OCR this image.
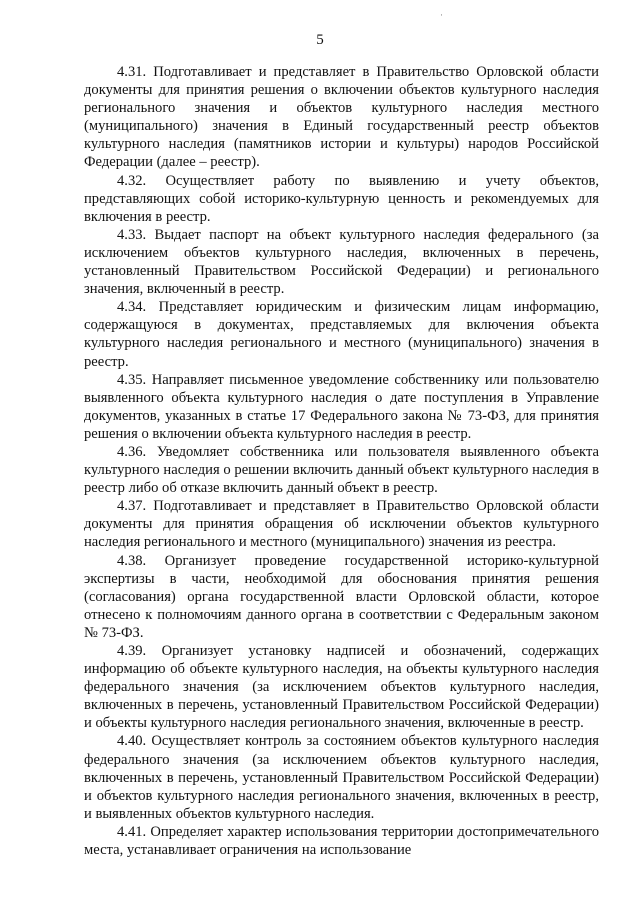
·
5

4.31. Подготавливает и представляет в Правительство Орловской области документы для принятия решения о включении объектов культурного наследия регионального значения и объектов культурного наследия местного (муниципального) значения в Единый государственный реестр объектов культурного наследия (памятников истории и культуры) народов Российской Федерации (далее – реестр).

4.32. Осуществляет работу по выявлению и учету объектов, представляющих собой историко-культурную ценность и рекомендуемых для включения в реестр.

4.33. Выдает паспорт на объект культурного наследия федерального (за исключением объектов культурного наследия, включенных в перечень, установленный Правительством Российской Федерации) и регионального значения, включенный в реестр.

4.34. Представляет юридическим и физическим лицам информацию, содержащуюся в документах, представляемых для включения объекта культурного наследия регионального и местного (муниципального) значения в реестр.

4.35. Направляет письменное уведомление собственнику или пользователю выявленного объекта культурного наследия о дате поступления в Управление документов, указанных в статье 17 Федерального закона № 73-ФЗ, для принятия решения о включении объекта культурного наследия в реестр.

4.36. Уведомляет собственника или пользователя выявленного объекта культурного наследия о решении включить данный объект культурного наследия в реестр либо об отказе включить данный объект в реестр.

4.37. Подготавливает и представляет в Правительство Орловской области документы для принятия обращения об исключении объектов культурного наследия регионального и местного (муниципального) значения из реестра.

4.38. Организует проведение государственной историко-культурной экспертизы в части, необходимой для обоснования принятия решения (согласования) органа государственной власти Орловской области, которое отнесено к полномочиям данного органа в соответствии с Федеральным законом № 73-ФЗ.

4.39. Организует установку надписей и обозначений, содержащих информацию об объекте культурного наследия, на объекты культурного наследия федерального значения (за исключением объектов культурного наследия, включенных в перечень, установленный Правительством Российской Федерации) и объекты культурного наследия регионального значения, включенные в реестр.

4.40. Осуществляет контроль за состоянием объектов культурного наследия федерального значения (за исключением объектов культурного наследия, включенных в перечень, установленный Правительством Российской Федерации) и объектов культурного наследия регионального значения, включенных в реестр, и выявленных объектов культурного наследия.

4.41. Определяет характер использования территории достопримечательного места, устанавливает ограничения на использование
